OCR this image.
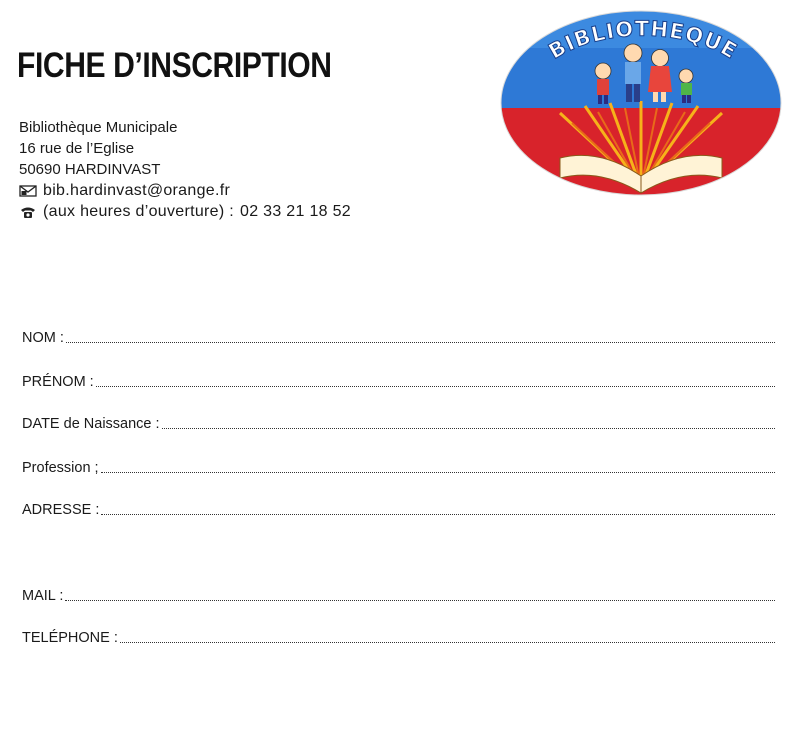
FICHE D’INSCRIPTION
Bibliothèque Municipale
16 rue de l’Eglise
50690 HARDINVAST
bib.hardinvast@orange.fr
(aux heures d’ouverture) : 02 33 21 18 52
BIBLIOTHEQUE
NOM :
PRÉNOM :
DATE de Naissance :
Profession ;
ADRESSE :
MAIL :
TELÉPHONE :
